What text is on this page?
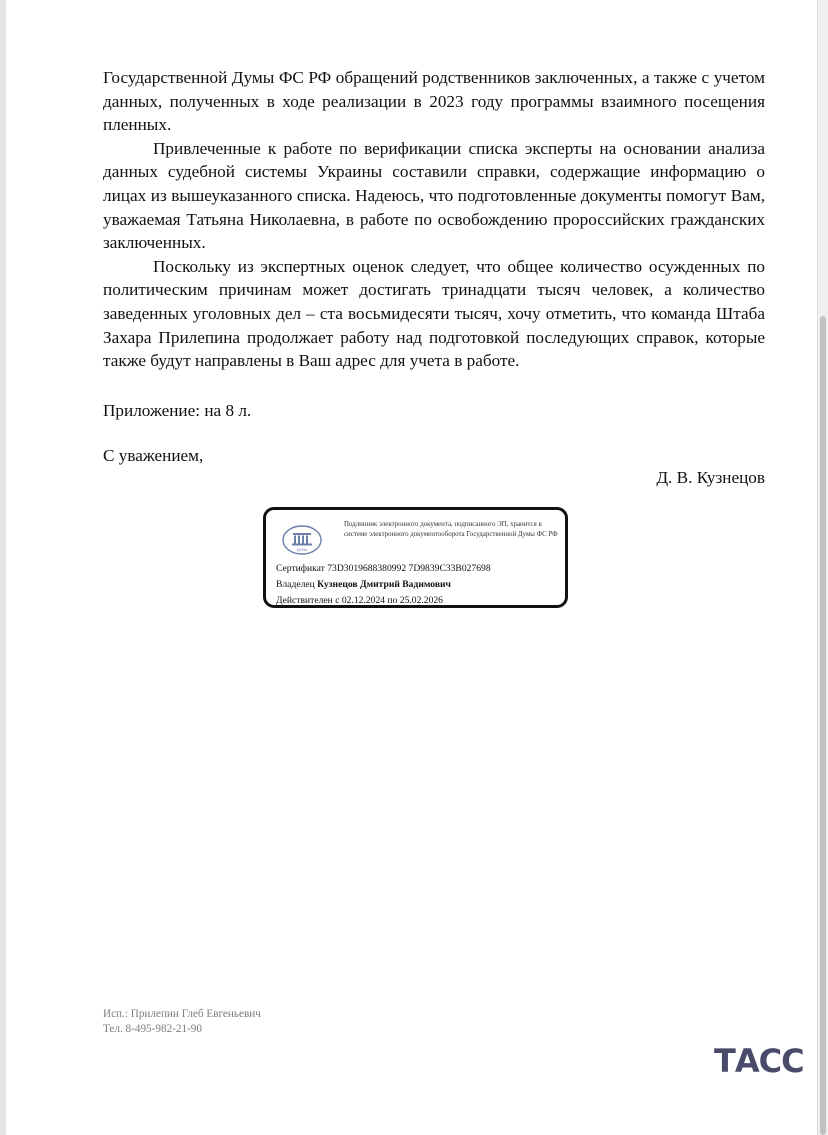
Государственной Думы ФС РФ обращений родственников заключенных, а также с учетом данных, полученных в ходе реализации в 2023 году программы взаимного посещения пленных.

Привлеченные к работе по верификации списка эксперты на основании анализа данных судебной системы Украины составили справки, содержащие информацию о лицах из вышеуказанного списка. Надеюсь, что подготовленные документы помогут Вам, уважаемая Татьяна Николаевна, в работе по освобождению пророссийских гражданских заключенных.

Поскольку из экспертных оценок следует, что общее количество осужденных по политическим причинам может достигать тринадцати тысяч человек, а количество заведенных уголовных дел – ста восьмидесяти тысяч, хочу отметить, что команда Штаба Захара Прилепина продолжает работу над подготовкой последующих справок, которые также будут направлены в Ваш адрес для учета в работе.

Приложение: на 8 л.
С уважением,
Д. В. Кузнецов
ДУМА
Подлинник электронного документа, подписанного ЭП, хранится в системе электронного документооборота Государственной Думы ФС РФ
Сертификат 73D3019688380992 7D9839C33B027698
Владелец Кузнецов Дмитрий Вадимович
Действителен с 02.12.2024 по 25.02.2026
Исп.: Прилепин Глеб Евгеньевич
Тел. 8-495-982-21-90
ТАСС
